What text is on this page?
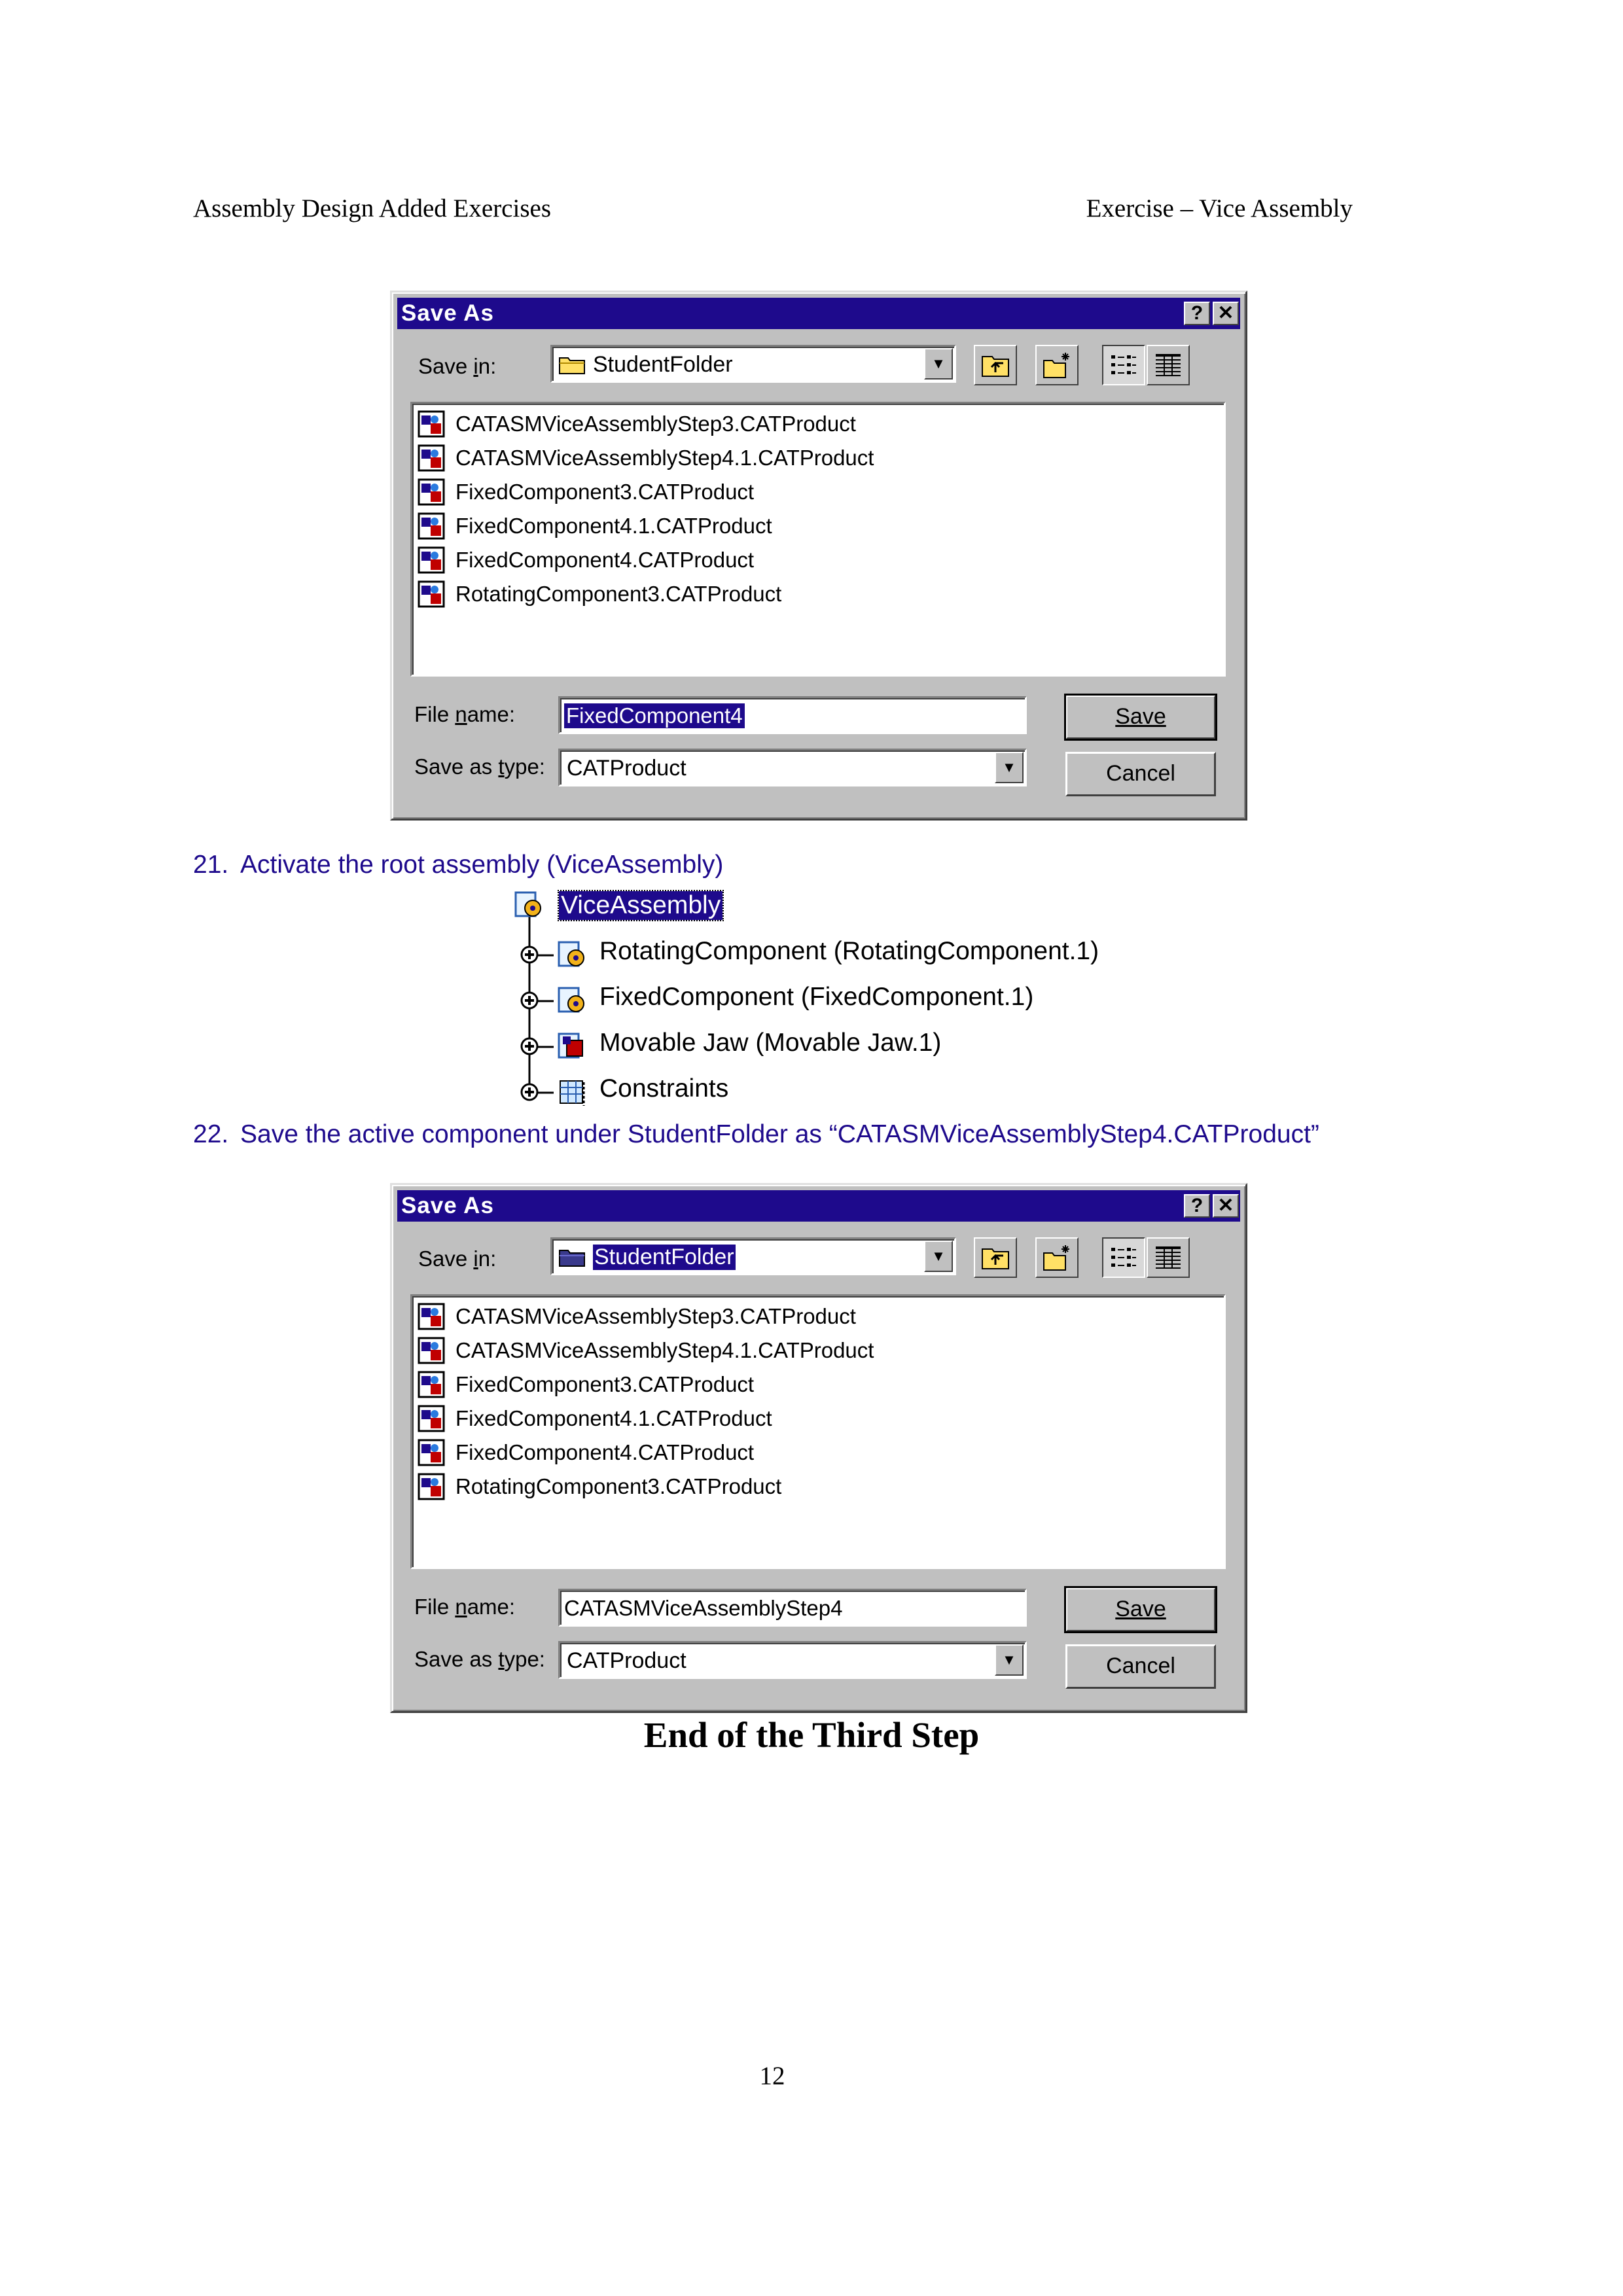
Assembly Design Added Exercises	Exercise – Vice Assembly
Save As	? ✕
Save in:	StudentFolder	▼
CATASMViceAssemblyStep3.CATProduct
CATASMViceAssemblyStep4.1.CATProduct
FixedComponent3.CATProduct
FixedComponent4.1.CATProduct
FixedComponent4.CATProduct
RotatingComponent3.CATProduct
File name: FixedComponent4
Save as type: CATProduct	▼
Save
Cancel
21. Activate the root assembly (ViceAssembly)
ViceAssembly
RotatingComponent (RotatingComponent.1)
FixedComponent (FixedComponent.1)
Movable Jaw (Movable Jaw.1)
Constraints
22. Save the active component under StudentFolder as “CATASMViceAssemblyStep4.CATProduct”
Save As	? ✕
Save in:	StudentFolder	▼
CATASMViceAssemblyStep3.CATProduct
CATASMViceAssemblyStep4.1.CATProduct
FixedComponent3.CATProduct
FixedComponent4.1.CATProduct
FixedComponent4.CATProduct
RotatingComponent3.CATProduct
File name: CATASMViceAssemblyStep4
Save as type: CATProduct	▼
Save
Cancel
End of the Third Step
12
